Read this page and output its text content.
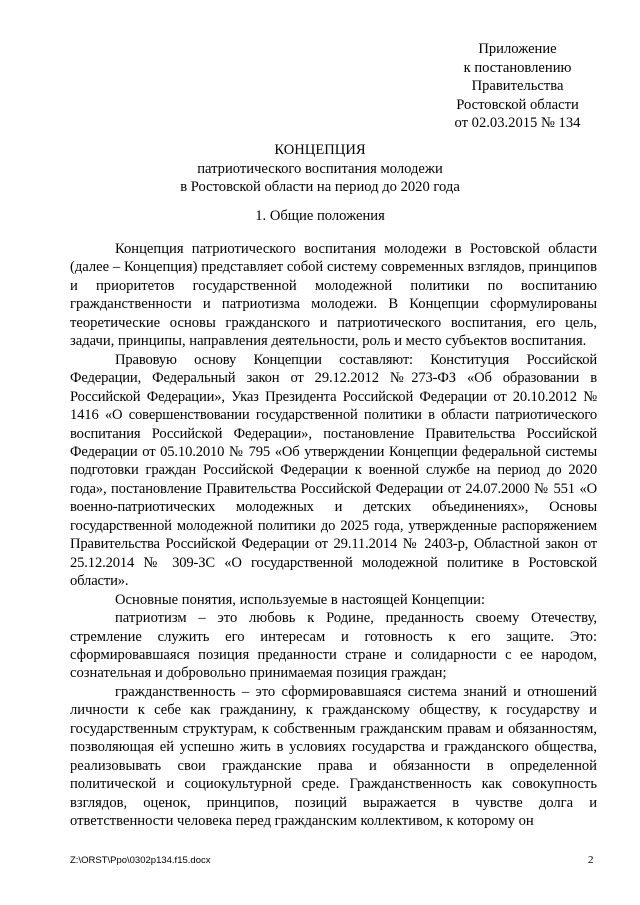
Приложение
к постановлению
Правительства
Ростовской области
от 02.03.2015 № 134
КОНЦЕПЦИЯ
патриотического воспитания молодежи
в Ростовской области на период до 2020 года
1. Общие положения

Концепция патриотического воспитания молодежи в Ростовской области (далее – Концепция) представляет собой систему современных взглядов, принципов и приоритетов государственной молодежной политики по воспитанию гражданственности и патриотизма молодежи. В Концепции сформулированы теоретические основы гражданского и патриотического воспитания, его цель, задачи, принципы, направления деятельности, роль и место субъектов воспитания.

Правовую основу Концепции составляют: Конституция Российской Федерации, Федеральный закон от 29.12.2012 №273-ФЗ «Об образовании в Российской Федерации», Указ Президента Российской Федерации от 20.10.2012 № 1416 «О совершенствовании государственной политики в области патриотического воспитания Российской Федерации», постановление Правительства Российской Федерации от 05.10.2010 № 795 «Об утверждении Концепции федеральной системы подготовки граждан Российской Федерации к военной службе на период до 2020 года», постановление Правительства Российской Федерации от 24.07.2000 № 551 «О военно-патриотических молодежных и детских объединениях», Основы государственной молодежной политики до 2025 года, утвержденные распоряжением Правительства Российской Федерации от 29.11.2014 № 2403-р, Областной закон от 25.12.2014 № 309-ЗС «О государственной молодежной политике в Ростовской области».

Основные понятия, используемые в настоящей Концепции:

патриотизм – это любовь к Родине, преданность своему Отечеству, стремление служить его интересам и готовность к его защите. Это: сформировавшаяся позиция преданности стране и солидарности с ее народом, сознательная и добровольно принимаемая позиция граждан;

гражданственность – это сформировавшаяся система знаний и отношений личности к себе как гражданину, к гражданскому обществу, к государству и государственным структурам, к собственным гражданским правам и обязанностям, позволяющая ей успешно жить в условиях государства и гражданского общества, реализовывать свои гражданские права и обязанности в определенной политической и социокультурной среде. Гражданственность как совокупность взглядов, оценок, принципов, позиций выражается в чувстве долга и ответственности человека перед гражданским коллективом, к которому он

Z:\ORST\Ppo\0302p134.f15.docx	2
